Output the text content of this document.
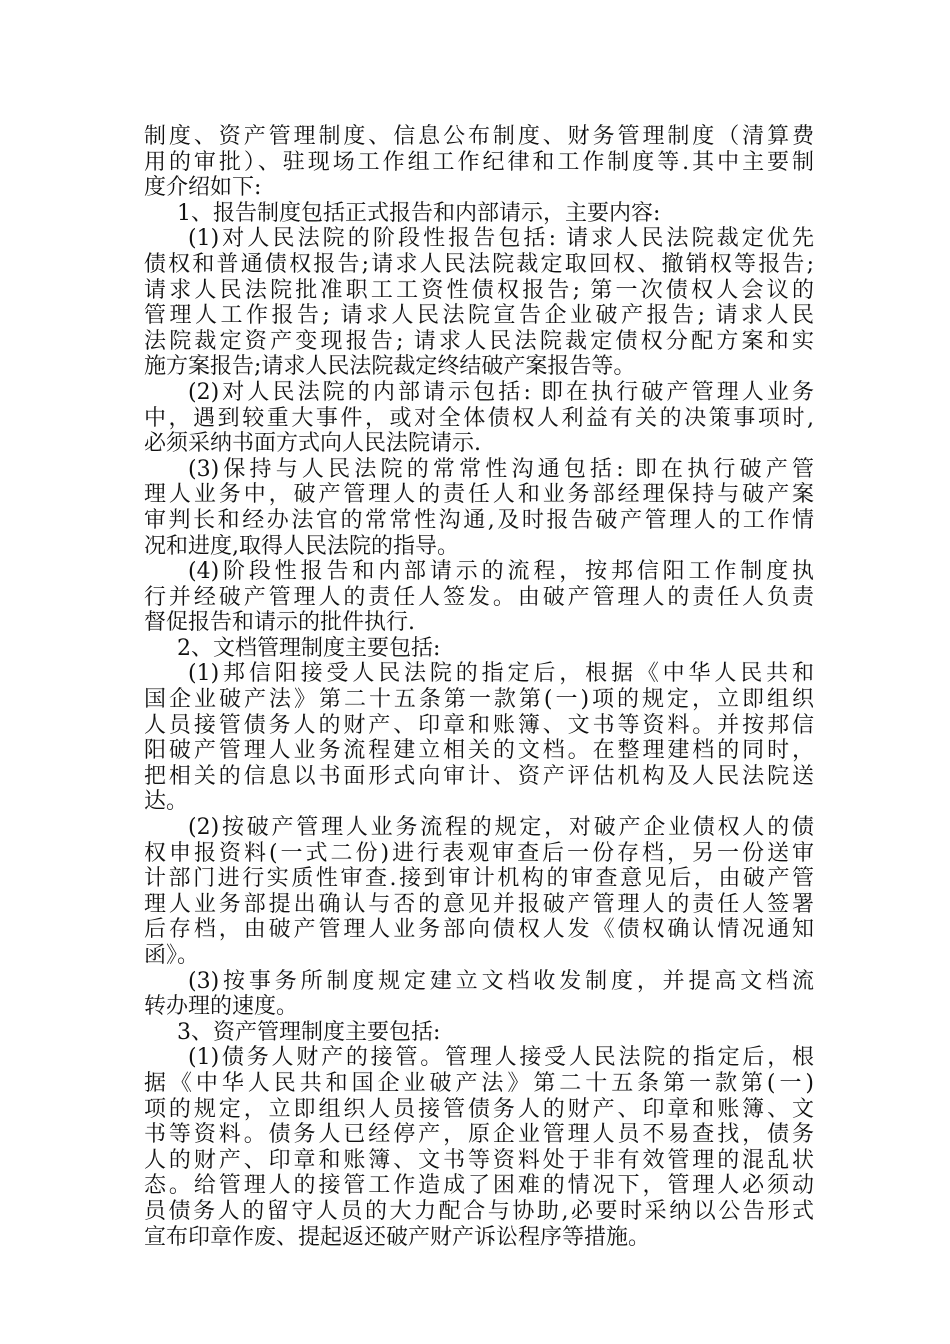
制度、资产管理制度、信息公布制度、财务管理制度（清算费
用的审批）、驻现场工作组工作纪律和工作制度等.其中主要制
度介绍如下:
1、报告制度包括正式报告和内部请示，主要内容:
(1)对人民法院的阶段性报告包括: 请求人民法院裁定优先
债权和普通债权报告;请求人民法院裁定取回权、撤销权等报告;
请求人民法院批准职工工资性债权报告; 第一次债权人会议的
管理人工作报告; 请求人民法院宣告企业破产报告; 请求人民
法院裁定资产变现报告; 请求人民法院裁定债权分配方案和实
施方案报告;请求人民法院裁定终结破产案报告等。
(2)对人民法院的内部请示包括: 即在执行破产管理人业务
中，遇到较重大事件，或对全体债权人利益有关的决策事项时,
必须采纳书面方式向人民法院请示.
(3)保持与人民法院的常常性沟通包括: 即在执行破产管
理人业务中，破产管理人的责任人和业务部经理保持与破产案
审判长和经办法官的常常性沟通,及时报告破产管理人的工作情
况和进度,取得人民法院的指导。
(4)阶段性报告和内部请示的流程，按邦信阳工作制度执
行并经破产管理人的责任人签发。由破产管理人的责任人负责
督促报告和请示的批件执行.
2、文档管理制度主要包括:
(1)邦信阳接受人民法院的指定后，根据《中华人民共和
国企业破产法》第二十五条第一款第(一)项的规定，立即组织
人员接管债务人的财产、印章和账簿、文书等资料。并按邦信
阳破产管理人业务流程建立相关的文档。在整理建档的同时，
把相关的信息以书面形式向审计、资产评估机构及人民法院送
达。
(2)按破产管理人业务流程的规定，对破产企业债权人的债
权申报资料(一式二份)进行表观审查后一份存档，另一份送审
计部门进行实质性审查.接到审计机构的审查意见后，由破产管
理人业务部提出确认与否的意见并报破产管理人的责任人签署
后存档，由破产管理人业务部向债权人发《债权确认情况通知
函》。
(3)按事务所制度规定建立文档收发制度，并提高文档流
转办理的速度。
3、资产管理制度主要包括:
(1)债务人财产的接管。管理人接受人民法院的指定后，根
据《中华人民共和国企业破产法》第二十五条第一款第(一)
项的规定，立即组织人员接管债务人的财产、印章和账簿、文
书等资料。债务人已经停产，原企业管理人员不易查找，债务
人的财产、印章和账簿、文书等资料处于非有效管理的混乱状
态。给管理人的接管工作造成了困难的情况下，管理人必须动
员债务人的留守人员的大力配合与协助,必要时采纳以公告形式
宣布印章作废、提起返还破产财产诉讼程序等措施。
